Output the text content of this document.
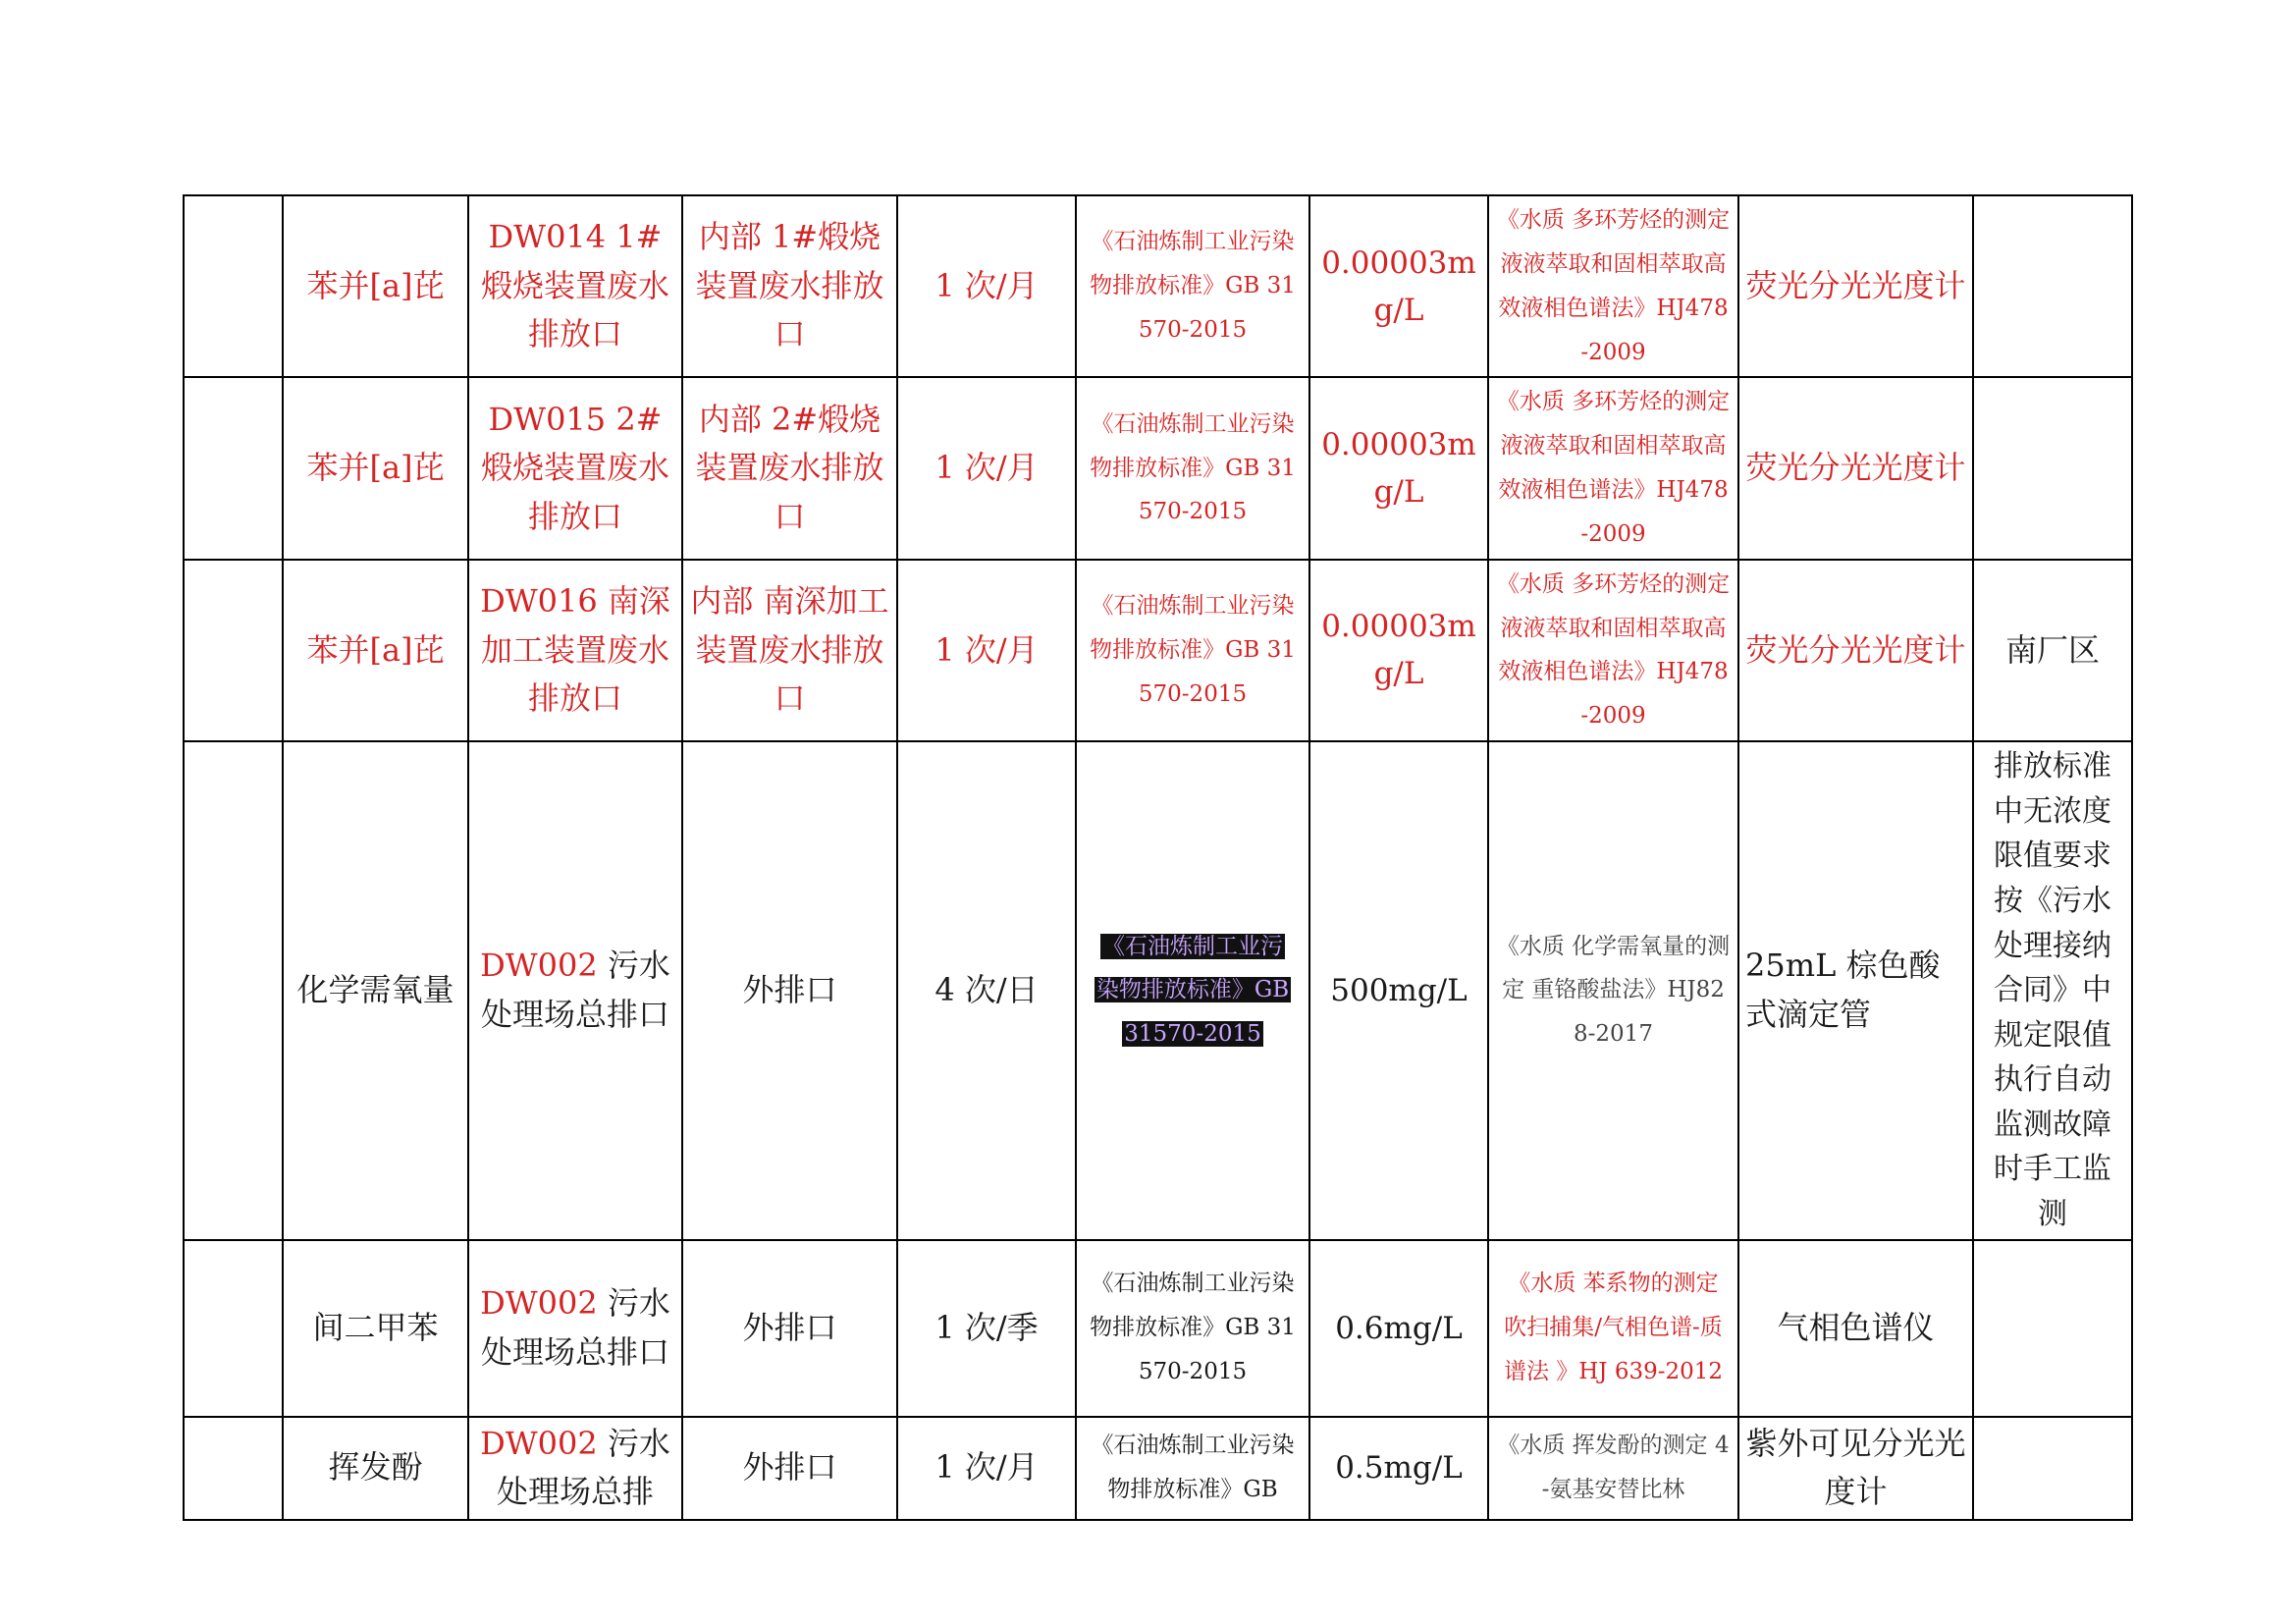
	苯并[a]芘	DW014 1#煅烧装置废水排放口	内部 1#煅烧装置废水排放口	1 次/月	《石油炼制工业污染物排放标准》GB 31570-2015	0.00003mg/L	《水质 多环芳烃的测定 液液萃取和固相萃取高效液相色谱法》HJ478-2009	荧光分光光度计	
	苯并[a]芘	DW015 2#煅烧装置废水排放口	内部 2#煅烧装置废水排放口	1 次/月	《石油炼制工业污染物排放标准》GB 31570-2015	0.00003mg/L	《水质 多环芳烃的测定 液液萃取和固相萃取高效液相色谱法》HJ478-2009	荧光分光光度计	
	苯并[a]芘	DW016 南深加工装置废水排放口	内部 南深加工装置废水排放口	1 次/月	《石油炼制工业污染物排放标准》GB 31570-2015	0.00003mg/L	《水质 多环芳烃的测定 液液萃取和固相萃取高效液相色谱法》HJ478-2009	荧光分光光度计	南厂区
	化学需氧量	DW002 污水处理场总排口	外排口	4 次/日	《石油炼制工业污
染物排放标准》GB
31570-2015	500mg/L	《水质 化学需氧量的测定 重铬酸盐法》HJ828-2017	25mL 棕色酸式滴定管	排放标准中无浓度限值要求按《污水处理接纳合同》中规定限值执行自动监测故障时手工监测
	间二甲苯	DW002 污水处理场总排口	外排口	1 次/季	《石油炼制工业污染物排放标准》GB 31570-2015	0.6mg/L	《水质 苯系物的测定 吹扫捕集/气相色谱-质谱法 》HJ 639-2012	气相色谱仪	
	挥发酚	DW002 污水处理场总排	外排口	1 次/月	《石油炼制工业污染物排放标准》GB	0.5mg/L	《水质 挥发酚的测定 4-氨基安替比林	紫外可见分光光度计	
